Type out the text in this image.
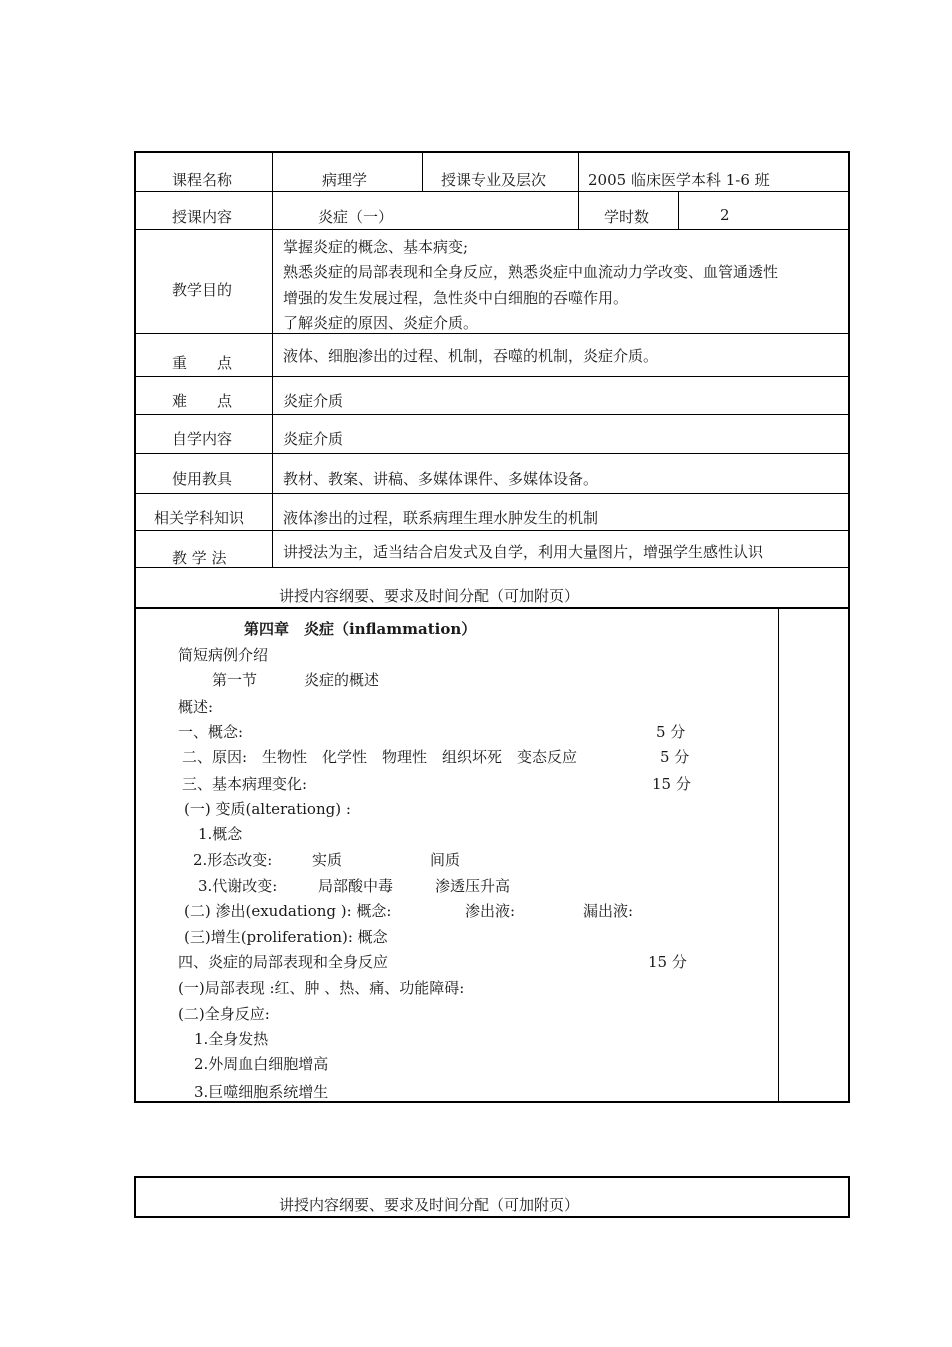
课程名称	病理学	授课专业及层次	2005 临床医学本科 1-6 班
授课内容	炎症（一）	学时数	2
教学目的
掌握炎症的概念、基本病变;
熟悉炎症的局部表现和全身反应，熟悉炎症中血流动力学改变、血管通透性
增强的发生发展过程，急性炎中白细胞的吞噬作用。
了解炎症的原因、炎症介质。
重　　点	液体、细胞渗出的过程、机制，吞噬的机制，炎症介质。
难　　点	炎症介质
自学内容	炎症介质
使用教具	教材、教案、讲稿、多媒体课件、多媒体设备。
相关学科知识	液体渗出的过程，联系病理生理水肿发生的机制
教 学 法	讲授法为主，适当结合启发式及自学，利用大量图片，增强学生感性认识
讲授内容纲要、要求及时间分配（可加附页）
第四章　炎症（inflammation）
简短病例介绍
第一节	炎症的概述
概述:
一、概念:	5 分
二、原因:　生物性　化学性　物理性　组织坏死　变态反应	5 分
三、基本病理变化:	15 分
(一) 变质(alterationg) :
1.概念
2.形态改变:	实质	间质
3.代谢改变:	局部酸中毒	渗透压升高
(二) 渗出(exudationg ): 概念:	渗出液:	漏出液:
(三)增生(proliferation): 概念
四、炎症的局部表现和全身反应	15 分
(一)局部表现 :红、肿 、热、痛、功能障碍:
(二)全身反应:
1.全身发热
2.外周血白细胞增高
3.巨噬细胞系统增生
讲授内容纲要、要求及时间分配（可加附页）
